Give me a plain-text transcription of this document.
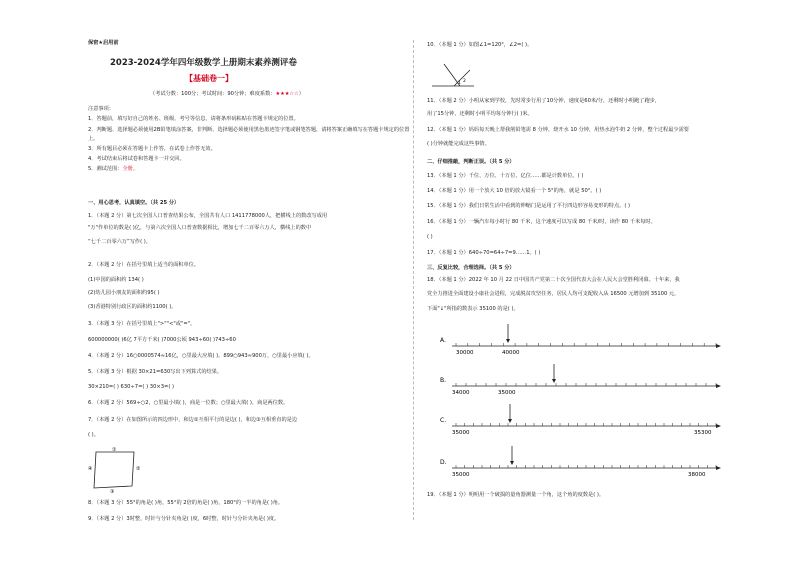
保密★启用前
2023-2024学年四年级数学上册期末素养测评卷
【基础卷一】
（考试分数：100分；考试时间：90分钟；难度系数：★★★☆☆）
注意事项：
1．答题前，填写好自己的姓名、班级、考号等信息，请将条形码粘贴在答题卡规定的位置。
2．判断题、选择题必须使用2B铅笔填涂答案，非判断、选择题必须使用黑色墨迹签字笔或钢笔答题，请将答案正确填写在答题卡规定的位置上。
3．所有题目必须在答题卡上作答，在试卷上作答无效。
4．考试结束后将试卷和答题卡一并交回。
5．测试范围：全册。
一、用心思考，认真填空。（共 25 分）
1．（本题 2 分）第七次全国人口普查结果公布，全国共有人口 1411778000人，把横线上的数改写成用
"万"作单位的数是( )亿，与第六次全国人口普查数据相比，增加七千二百零六万人，横线上的数中
“七千二百零六万”写作( )。
2．（本题 2 分）在括号里填上适当的面积单位。
(1)中国的面积约 134( )
(2)幼儿园小朋友的面积约95( )
(3)香港特别行政区的面积约1100( )。
3．（本题 3 分）在括号里填上">""<"或"="。
600000000( )6亿 7平方千米( )7000公顷 943÷60( )743÷60
4．（本题 2 分）16○0000574≈16亿，○里最大应填( )。899○943≈900万，○里最小应填( )。
5．（本题 3 分）根据 30×21=630写出下列算式的结果。
30×210=( ) 630÷7=( ) 30×3=( )
6．（本题 2 分）569÷○2，○里最小填( )，商是一位数；○里最大填( )，商是两位数。
7．（本题 2 分）在如图所示的四边形中，和边①互相平行的是边( )，和边③互相垂直的是边
( )。
8．（本题 3 分）55°的角是( )角，55°的 2倍的角是( )角，180°的一半的角是( )角。
9．（本题 2 分）3时整，时针与分针夹角是( )度，6时整，时针与分针夹角是( )度。
①
②
③
④
10．（本题 1 分）如图∠1=120°，∠2=( )。
11．（本题 2 分）小明从家到学校，先时常步行用了10分钟，速度是60米/分，还剩时小明跑了跑步，
用了15分钟，还剩时小明平均每分钟行( )米。
12．（本题 1 分）妈妈每天晚上帮我削铅笔需 8 分钟，烧开水 10 分钟，用热水泡牛奶 2 分钟，整个过程最少需要
( )分钟就能完成这些事情。
二、仔细推敲，判断正误。（共 5 分）
13．（本题 1 分）千位、万位、十万位、亿位……都是计数单位。( )
14．（本题 1 分）用一个放大 10 倍的放大镜看一个 5°的角，就是 50°。( )
15．（本题 1 分）我们日常生活中看到的伸缩门是运用了平行四边形容易变形的特点。( )
16．（本题 1 分）一辆汽车每小时行 80 千米，这个速度可以写成 80 千米/时，读作 80 千米每时。
( )
17．（本题 1 分）640÷70=64÷7=9……1。( )
三、反复比较，合理选择。（共 5 分）
18．（本题 1 分）2022 年 10 月 22 日中国共产党第二十次全国代表大会在人民大会堂胜利闭幕。十年来，我
党全力推进全面建设小康社会进程，完成脱贫攻坚任务，居民人均可支配收入从 16500 元增加到 35100 元，
下面"↓"所指的数表示 35100 的是( )。
19．（本题 1 分）明明用一个破损的量角器测量一个角，这个角的度数是( )。
1 2
A.
30000	40000
B.
34000	35000
C.
35000	35300
D.
35000	38000
